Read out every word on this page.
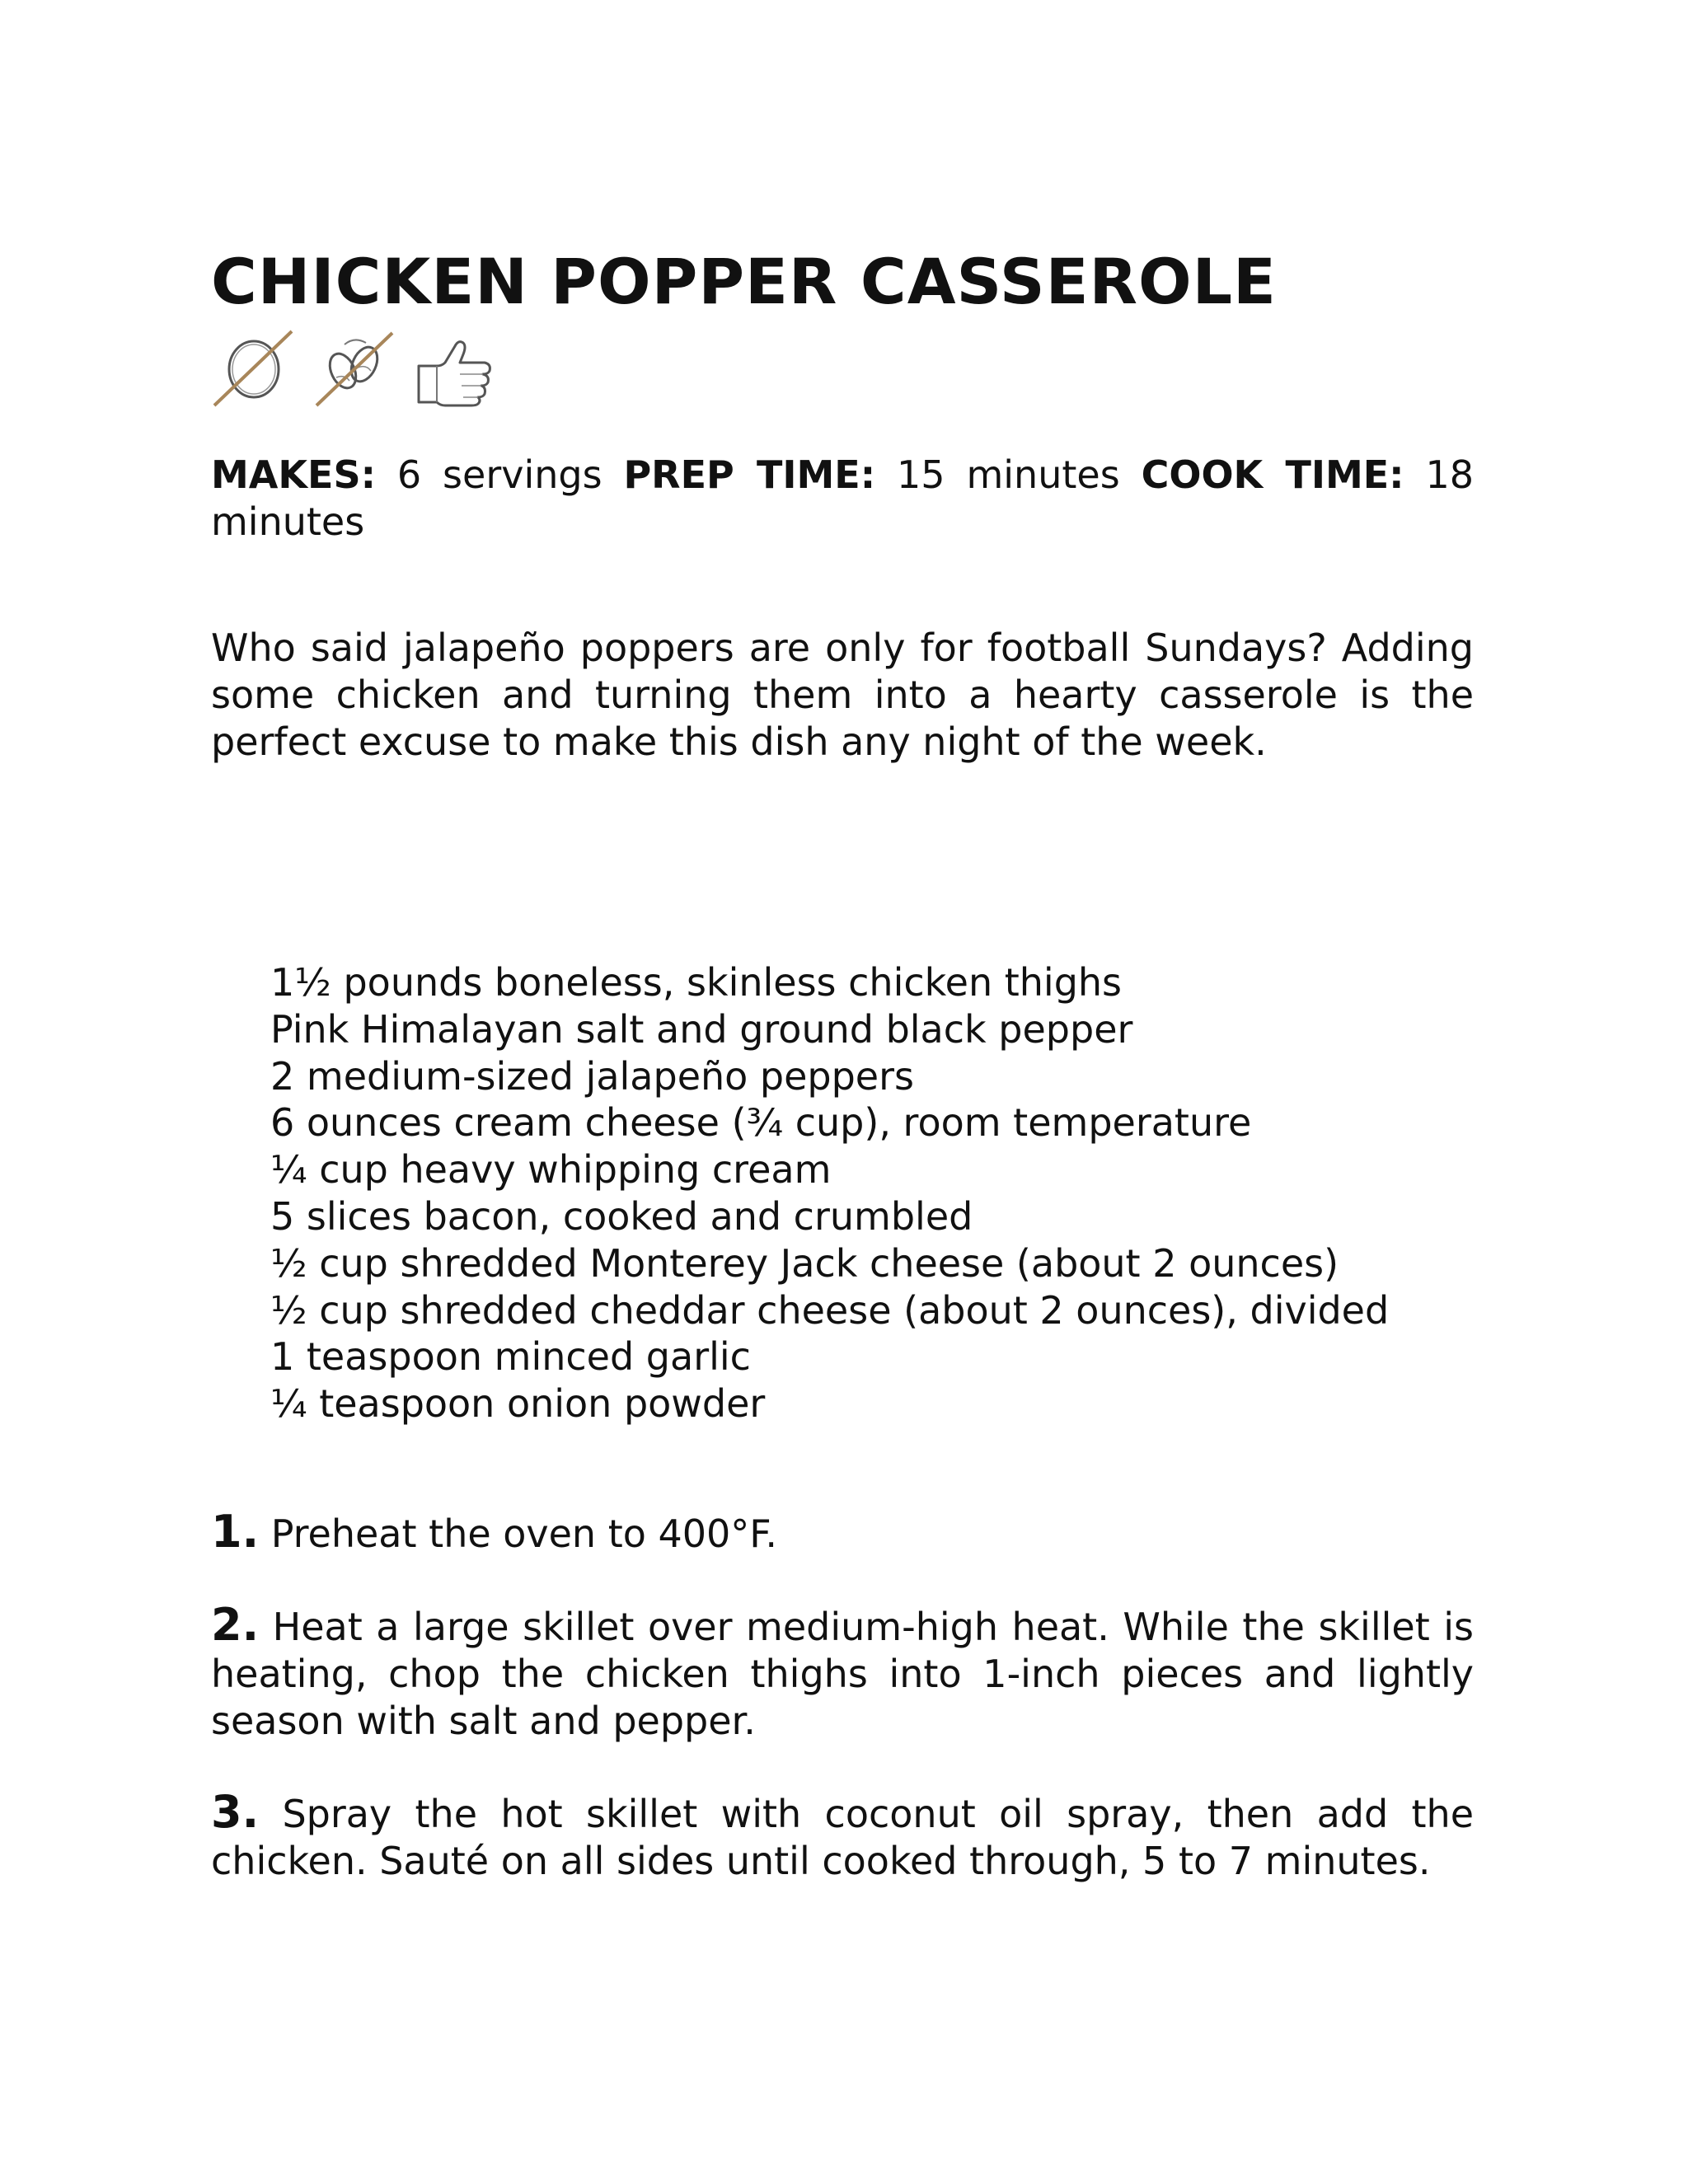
CHICKEN POPPER CASSEROLE

MAKES: 6 servings PREP TIME: 15 minutes COOK TIME: 18 minutes

Who said jalapeño poppers are only for football Sundays? Adding some chicken and turning them into a hearty casserole is the perfect excuse to make this dish any night of the week.

1½ pounds boneless, skinless chicken thighs
Pink Himalayan salt and ground black pepper
2 medium-sized jalapeño peppers
6 ounces cream cheese (¾ cup), room temperature
¼ cup heavy whipping cream
5 slices bacon, cooked and crumbled
½ cup shredded Monterey Jack cheese (about 2 ounces)
½ cup shredded cheddar cheese (about 2 ounces), divided
1 teaspoon minced garlic
¼ teaspoon onion powder

1. Preheat the oven to 400°F.

2. Heat a large skillet over medium-high heat. While the skillet is heating, chop the chicken thighs into 1-inch pieces and lightly season with salt and pepper.

3. Spray the hot skillet with coconut oil spray, then add the chicken. Sauté on all sides until cooked through, 5 to 7 minutes.
